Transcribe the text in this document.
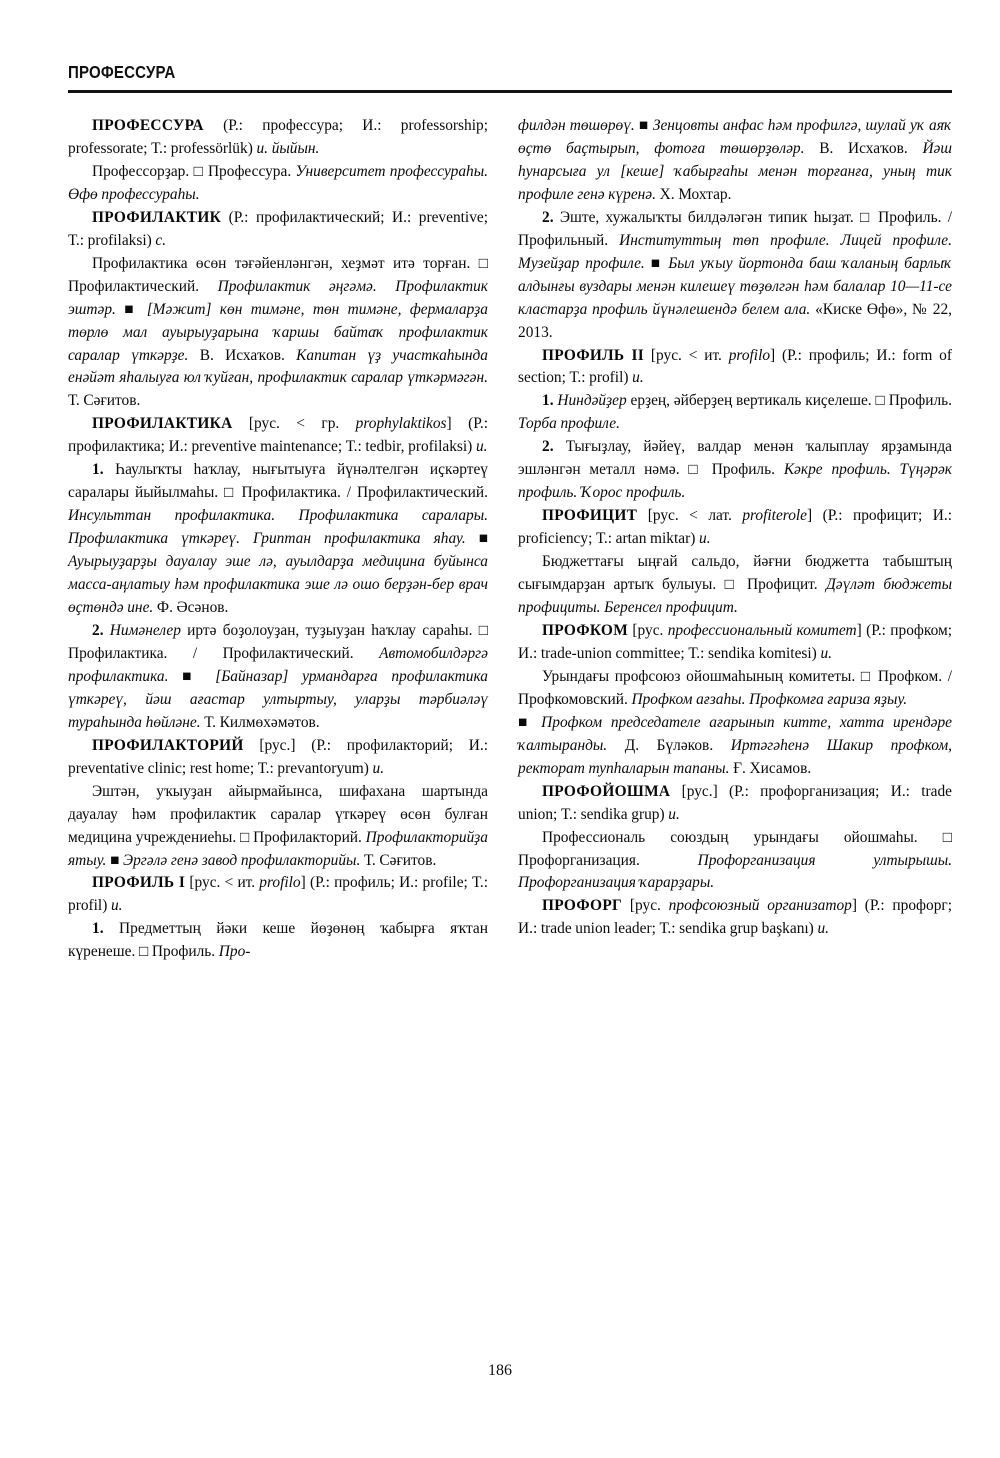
ПРОФЕССУРА

ПРОФЕССУРА (Р.: профессура; И.: professorship; professorate; Т.: professörlük) и. йыйын.

Профессорҙар. □ Профессура. Университет профессураһы. Өфө профессураһы.

ПРОФИЛАКТИК (Р.: профилактический; И.: preventive; Т.: profilaksi) с.

Профилактика өсөн тәғәйенләнгән, хеҙмәт итә торған. □ Профилактический. Профилактик әңгәмә. Профилактик эштәр. ■ [Мәжит] көн тимәне, төн тимәне, фермаларҙа төрлө мал ауырыуҙарына ҡаршы байтаҡ профилактик саралар үткәрҙе. В. Исхаҡов. Капитан үҙ участкаһында енәйәт яһалыуға юл ҡуйған, профилактик саралар үткәрмәгән. Т. Сәғитов.

ПРОФИЛАКТИКА [рус. < гр. prophylaktikos] (Р.: профилактика; И.: preventive maintenance; Т.: tedbir, profilaksi) и.

1. Һаулыҡты һаҡлау, нығытыуға йүнәлтелгән иҫкәртеү саралары йыйылмаһы. □ Профилактика. / Профилактический. Инсульттан профилактика. Профилактика саралары. Профилактика үткәреү. Гриптан профилактика яһау. ■ Ауырыуҙарҙы дауалау эше лә, ауылдарҙа медицина буйынса масса-аңлатыу һәм профилактика эше лә ошо берҙән-бер врач өҫтөндә ине. Ф. Әсәнов.

2. Нимәнелер иртә боҙолоуҙан, туҙыуҙан һаҡлау сараһы. □ Профилактика. / Профилактический. Автомобилдәргә профилактика. ■ [Байназар] урмандарға профилактика үткәреү, йәш ағастар ултыртыу, уларҙы тәрбиәләү тураһында һөйләне. Т. Килмөхәмәтов.

ПРОФИЛАКТОРИЙ [рус.] (Р.: профилакторий; И.: preventative clinic; rest home; Т.: prevantoryum) и.

Эштән, уҡыуҙан айырмайынса, шифахана шартында дауалау һәм профилактик саралар үткәреү өсөн булған медицина учреждениеһы. □ Профилакторий. Профилакторийҙа ятыу. ■ Эргәлә генә завод профилакторийы. Т. Сәғитов.

ПРОФИЛЬ I [рус. < ит. profilo] (Р.: профиль; И.: profile; Т.: profil) и.

1. Предметтың йәки кеше йөҙөнөң ҡабырға яҡтан күренеше. □ Профиль. Про-

филдән төшөрөү. ■ Зенцовты анфас һәм профилгә, шулай уҡ аяҡ өҫтө баҫтырып, фотоға төшөрҙөләр. В. Исхаҡов. Йәш һунарсыға ул [кеше] ҡабырғаһы менән торғанға, уның тик профиле генә күренә. Х. Мохтар.

2. Эште, хужалыҡты билдәләгән типик һыҙат. □ Профиль. / Профильный. Институттың төп профиле. Лицей профиле. Музейҙар профиле. ■ Был уҡыу йортонда баш ҡаланың барлыҡ алдынғы вуздары менән килешеү төҙөлгән һәм балалар 10—11-се кластарҙа профиль йүнәлешендә белем ала. «Киске Өфө», № 22, 2013.

ПРОФИЛЬ II [рус. < ит. profilo] (Р.: профиль; И.: form of section; Т.: profil) и.

1. Ниндәйҙер ерҙең, әйберҙең вертикаль киҫелеше. □ Профиль. Торба профиле.

2. Тығыҙлау, йәйеү, валдар менән ҡалыплау ярҙамында эшләнгән металл нәмә. □ Профиль. Кәкре профиль. Түңәрәк профиль. Ҡорос профиль.

ПРОФИЦИТ [рус. < лат. profiterole] (Р.: профицит; И.: proficiency; Т.: artan miktar) и.

Бюджеттағы ыңғай сальдо, йәғни бюджетта табыштың сығымдарҙан артыҡ булыуы. □ Профицит. Дәүләт бюджеты профициты. Беренсел профицит.

ПРОФКОМ [рус. профессиональный комитет] (Р.: профком; И.: trade-union committee; Т.: sendika komitesi) и.

Урындағы профсоюз ойошмаһының комитеты. □ Профком. / Профкомовский. Профком ағзаһы. Профкомға ғариза яҙыу.

■ Профком председателе ағарынып китте, хатта ирендәре ҡалтыранды. Д. Бүләков. Иртәгәһенә Шакир профком, ректорат тупһаларын тапаны. Ғ. Хисамов.

ПРОФОЙОШМА [рус.] (Р.: профорганизация; И.: trade union; Т.: sendika grup) и.

Профессиональ союздың урындағы ойошмаһы. □ Профорганизация. Профорганизация ултырышы. Профорганизация ҡарарҙары.

ПРОФОРГ [рус. профсоюзный организатор] (Р.: профорг; И.: trade union leader; Т.: sendika grup başkanı) и.

186
